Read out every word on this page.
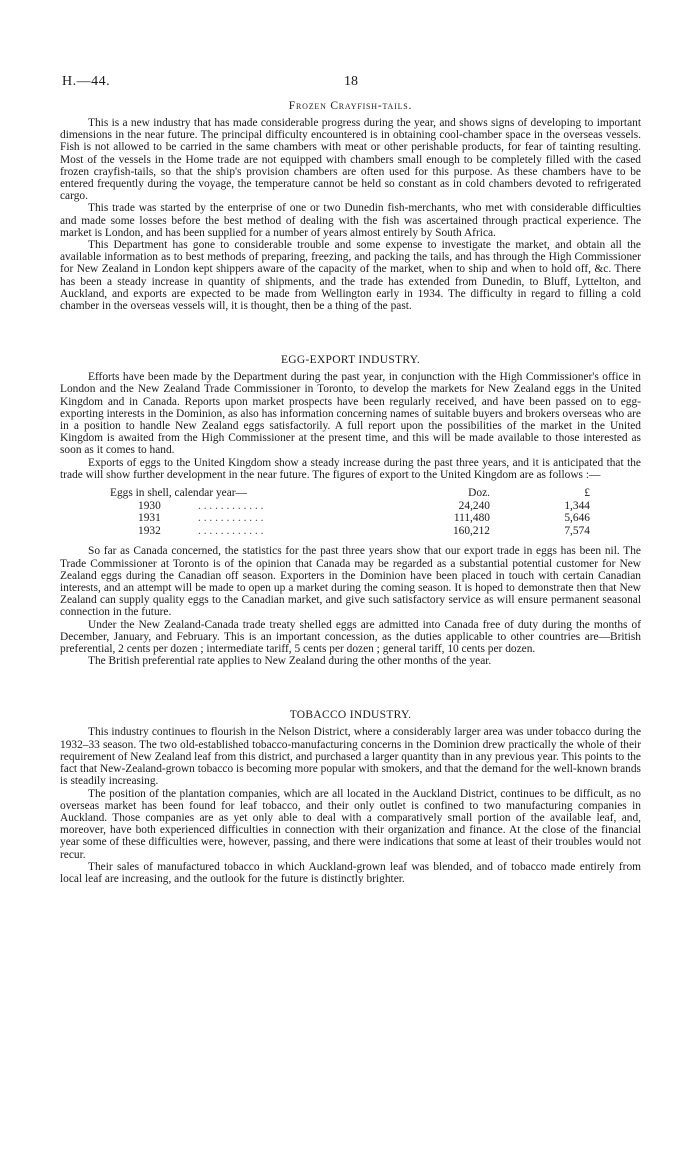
H.—44.	18
Frozen Crayfish-tails.

This is a new industry that has made considerable progress during the year, and shows signs of developing to important dimensions in the near future. The principal difficulty encountered is in obtaining cool-chamber space in the overseas vessels. Fish is not allowed to be carried in the same chambers with meat or other perishable products, for fear of tainting resulting. Most of the vessels in the Home trade are not equipped with chambers small enough to be completely filled with the cased frozen crayfish-tails, so that the ship's provision chambers are often used for this purpose. As these chambers have to be entered frequently during the voyage, the temperature cannot be held so constant as in cold chambers devoted to refrigerated cargo.

This trade was started by the enterprise of one or two Dunedin fish-merchants, who met with considerable difficulties and made some losses before the best method of dealing with the fish was ascertained through practical experience. The market is London, and has been supplied for a number of years almost entirely by South Africa.

This Department has gone to considerable trouble and some expense to investigate the market, and obtain all the available information as to best methods of preparing, freezing, and packing the tails, and has through the High Commissioner for New Zealand in London kept shippers aware of the capacity of the market, when to ship and when to hold off, &c. There has been a steady increase in quantity of shipments, and the trade has extended from Dunedin, to Bluff, Lyttelton, and Auckland, and exports are expected to be made from Wellington early in 1934. The difficulty in regard to filling a cold chamber in the overseas vessels will, it is thought, then be a thing of the past.

EGG-EXPORT INDUSTRY.

Efforts have been made by the Department during the past year, in conjunction with the High Commissioner's office in London and the New Zealand Trade Commissioner in Toronto, to develop the markets for New Zealand eggs in the United Kingdom and in Canada. Reports upon market prospects have been regularly received, and have been passed on to egg-exporting interests in the Dominion, as also has information concerning names of suitable buyers and brokers overseas who are in a position to handle New Zealand eggs satisfactorily. A full report upon the possibilities of the market in the United Kingdom is awaited from the High Commissioner at the present time, and this will be made available to those interested as soon as it comes to hand.

Exports of eggs to the United Kingdom show a steady increase during the past three years, and it is anticipated that the trade will show further development in the near future. The figures of export to the United Kingdom are as follows :—

Eggs in shell, calendar year—		Doz.	£
1930	. . . . . . . . . . . .	24,240	1,344
1931	. . . . . . . . . . . .	111,480	5,646
1932	. . . . . . . . . . . .	160,212	7,574

So far as Canada concerned, the statistics for the past three years show that our export trade in eggs has been nil. The Trade Commissioner at Toronto is of the opinion that Canada may be regarded as a substantial potential customer for New Zealand eggs during the Canadian off season. Exporters in the Dominion have been placed in touch with certain Canadian interests, and an attempt will be made to open up a market during the coming season. It is hoped to demonstrate then that New Zealand can supply quality eggs to the Canadian market, and give such satisfactory service as will ensure permanent seasonal connection in the future.

Under the New Zealand-Canada trade treaty shelled eggs are admitted into Canada free of duty during the months of December, January, and February. This is an important concession, as the duties applicable to other countries are—British preferential, 2 cents per dozen ; intermediate tariff, 5 cents per dozen ; general tariff, 10 cents per dozen.

The British preferential rate applies to New Zealand during the other months of the year.

TOBACCO INDUSTRY.

This industry continues to flourish in the Nelson District, where a considerably larger area was under tobacco during the 1932–33 season. The two old-established tobacco-manufacturing concerns in the Dominion drew practically the whole of their requirement of New Zealand leaf from this district, and purchased a larger quantity than in any previous year. This points to the fact that New-Zealand-grown tobacco is becoming more popular with smokers, and that the demand for the well-known brands is steadily increasing.

The position of the plantation companies, which are all located in the Auckland District, continues to be difficult, as no overseas market has been found for leaf tobacco, and their only outlet is confined to two manufacturing companies in Auckland. Those companies are as yet only able to deal with a comparatively small portion of the available leaf, and, moreover, have both experienced difficulties in connection with their organization and finance. At the close of the financial year some of these difficulties were, however, passing, and there were indications that some at least of their troubles would not recur.

Their sales of manufactured tobacco in which Auckland-grown leaf was blended, and of tobacco made entirely from local leaf are increasing, and the outlook for the future is distinctly brighter.
